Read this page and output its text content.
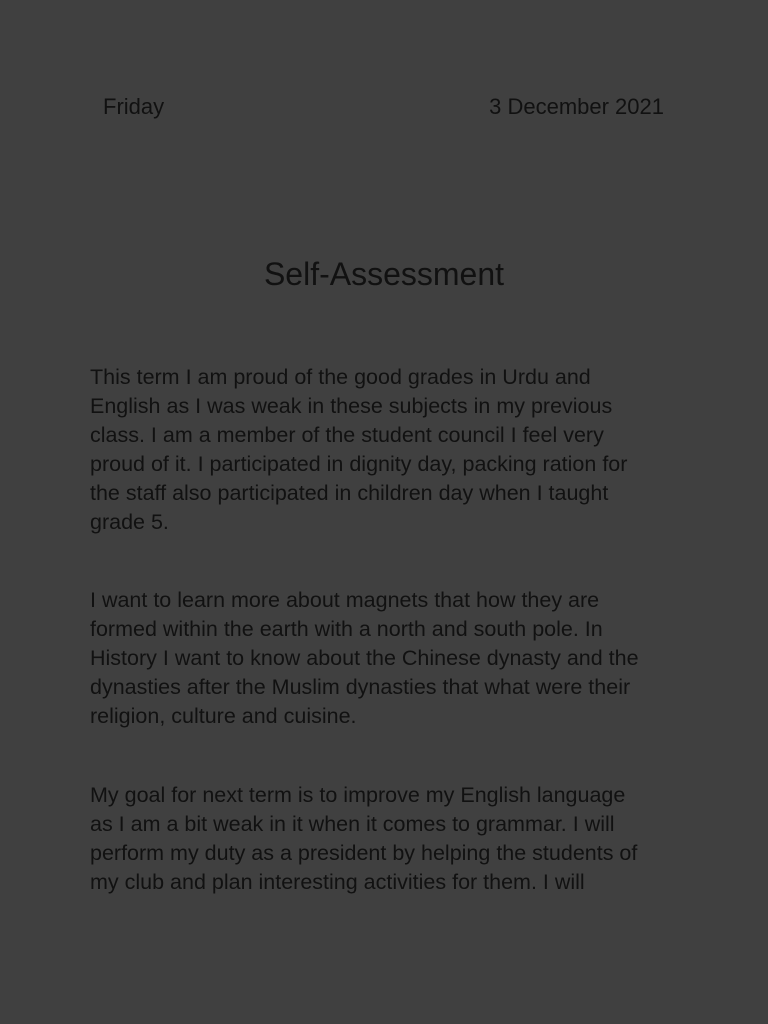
Friday	3 December 2021
Self-Assessment
This term I am proud of the good grades in Urdu and
English as I was weak in these subjects in my previous
class. I am a member of the student council I feel very
proud of it. I participated in dignity day, packing ration for
the staff also participated in children day when I taught
grade 5.
I want to learn more about magnets that how they are
formed within the earth with a north and south pole. In
History I want to know about the Chinese dynasty and the
dynasties after the Muslim dynasties that what were their
religion, culture and cuisine.
My goal for next term is to improve my English language
as I am a bit weak in it when it comes to grammar. I will
perform my duty as a president by helping the students of
my club and plan interesting activities for them. I will
